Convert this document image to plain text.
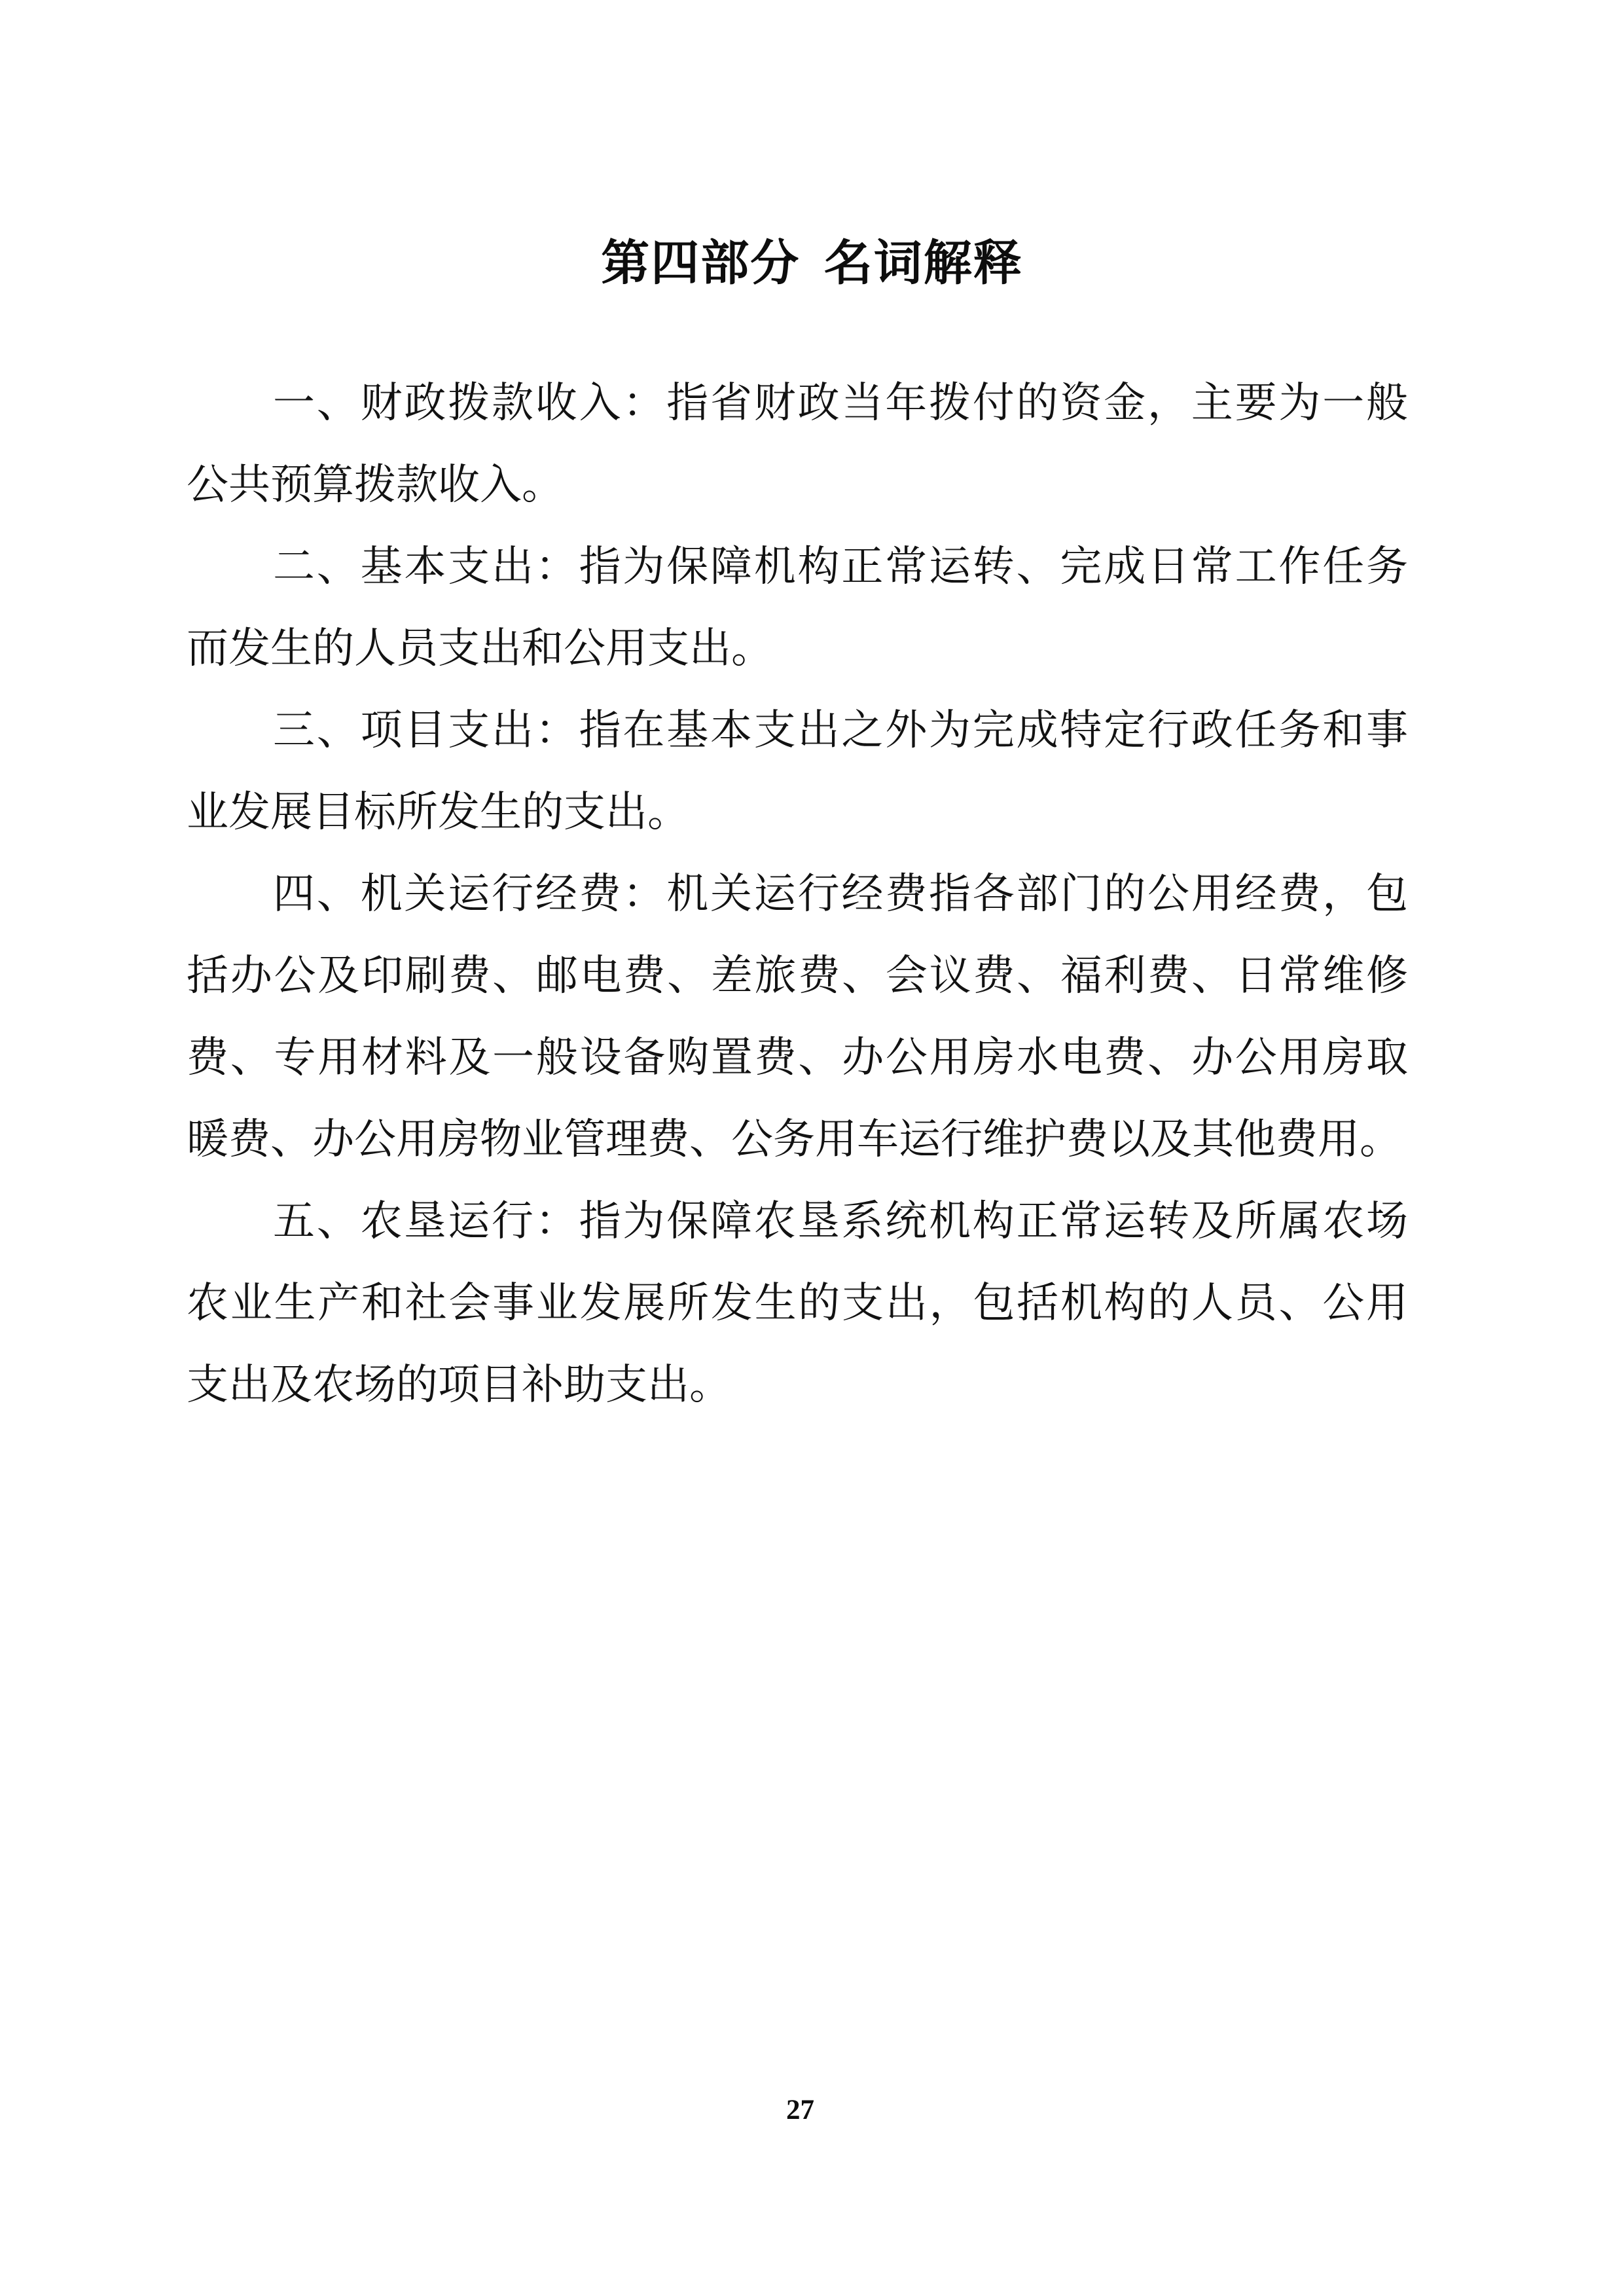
第四部分 名词解释

一、财政拨款收入：指省财政当年拨付的资金，主要为一般
公共预算拨款收入。

二、基本支出：指为保障机构正常运转、完成日常工作任务
而发生的人员支出和公用支出。

三、项目支出：指在基本支出之外为完成特定行政任务和事
业发展目标所发生的支出。

四、机关运行经费：机关运行经费指各部门的公用经费，包
括办公及印刷费、邮电费、差旅费、会议费、福利费、日常维修
费、专用材料及一般设备购置费、办公用房水电费、办公用房取
暖费、办公用房物业管理费、公务用车运行维护费以及其他费用。

五、农垦运行：指为保障农垦系统机构正常运转及所属农场
农业生产和社会事业发展所发生的支出，包括机构的人员、公用
支出及农场的项目补助支出。

27
